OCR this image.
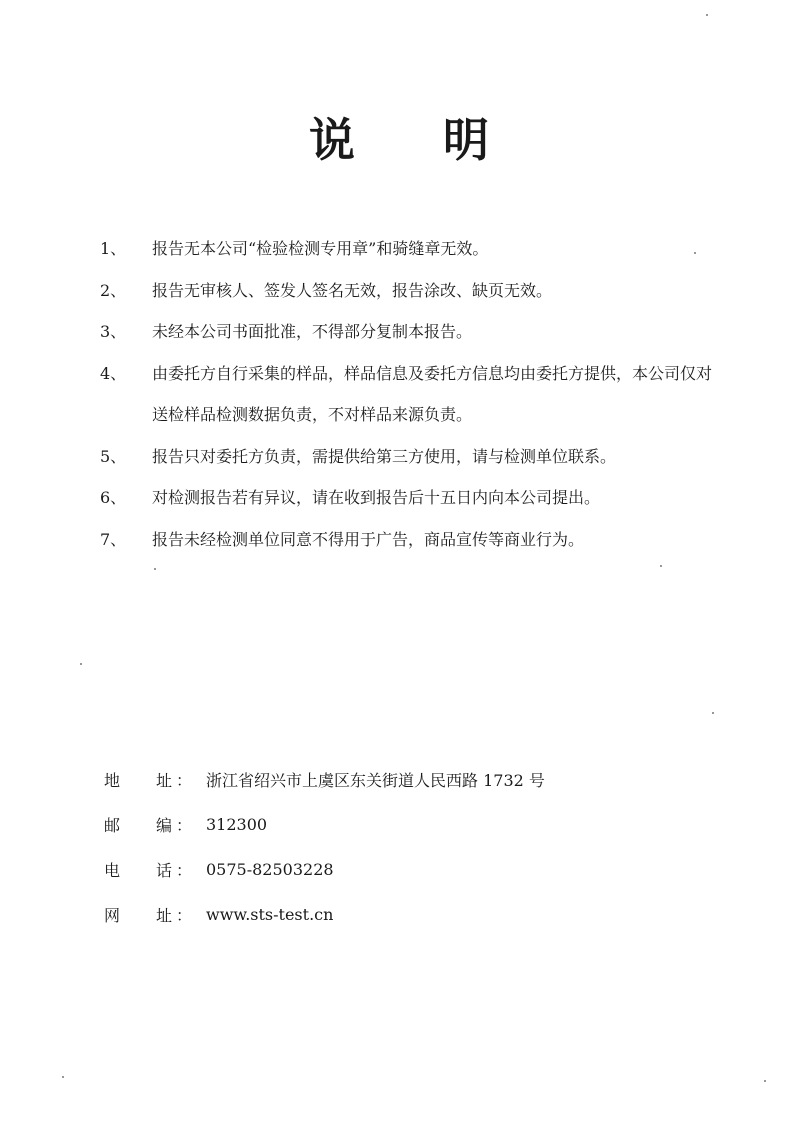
说 明
1、	报告无本公司“检验检测专用章”和骑缝章无效。
2、	报告无审核人、签发人签名无效，报告涂改、缺页无效。
3、	未经本公司书面批准，不得部分复制本报告。
4、	由委托方自行采集的样品，样品信息及委托方信息均由委托方提供，本公司仅对送检样品检测数据负责，不对样品来源负责。
5、	报告只对委托方负责，需提供给第三方使用，请与检测单位联系。
6、	对检测报告若有异议，请在收到报告后十五日内向本公司提出。
7、	报告未经检测单位同意不得用于广告，商品宣传等商业行为。
地 址 ： 浙江省绍兴市上虞区东关街道人民西路 1732 号
邮 编 ： 312300
电 话 ： 0575-82503228
网 址 ： www.sts-test.cn
